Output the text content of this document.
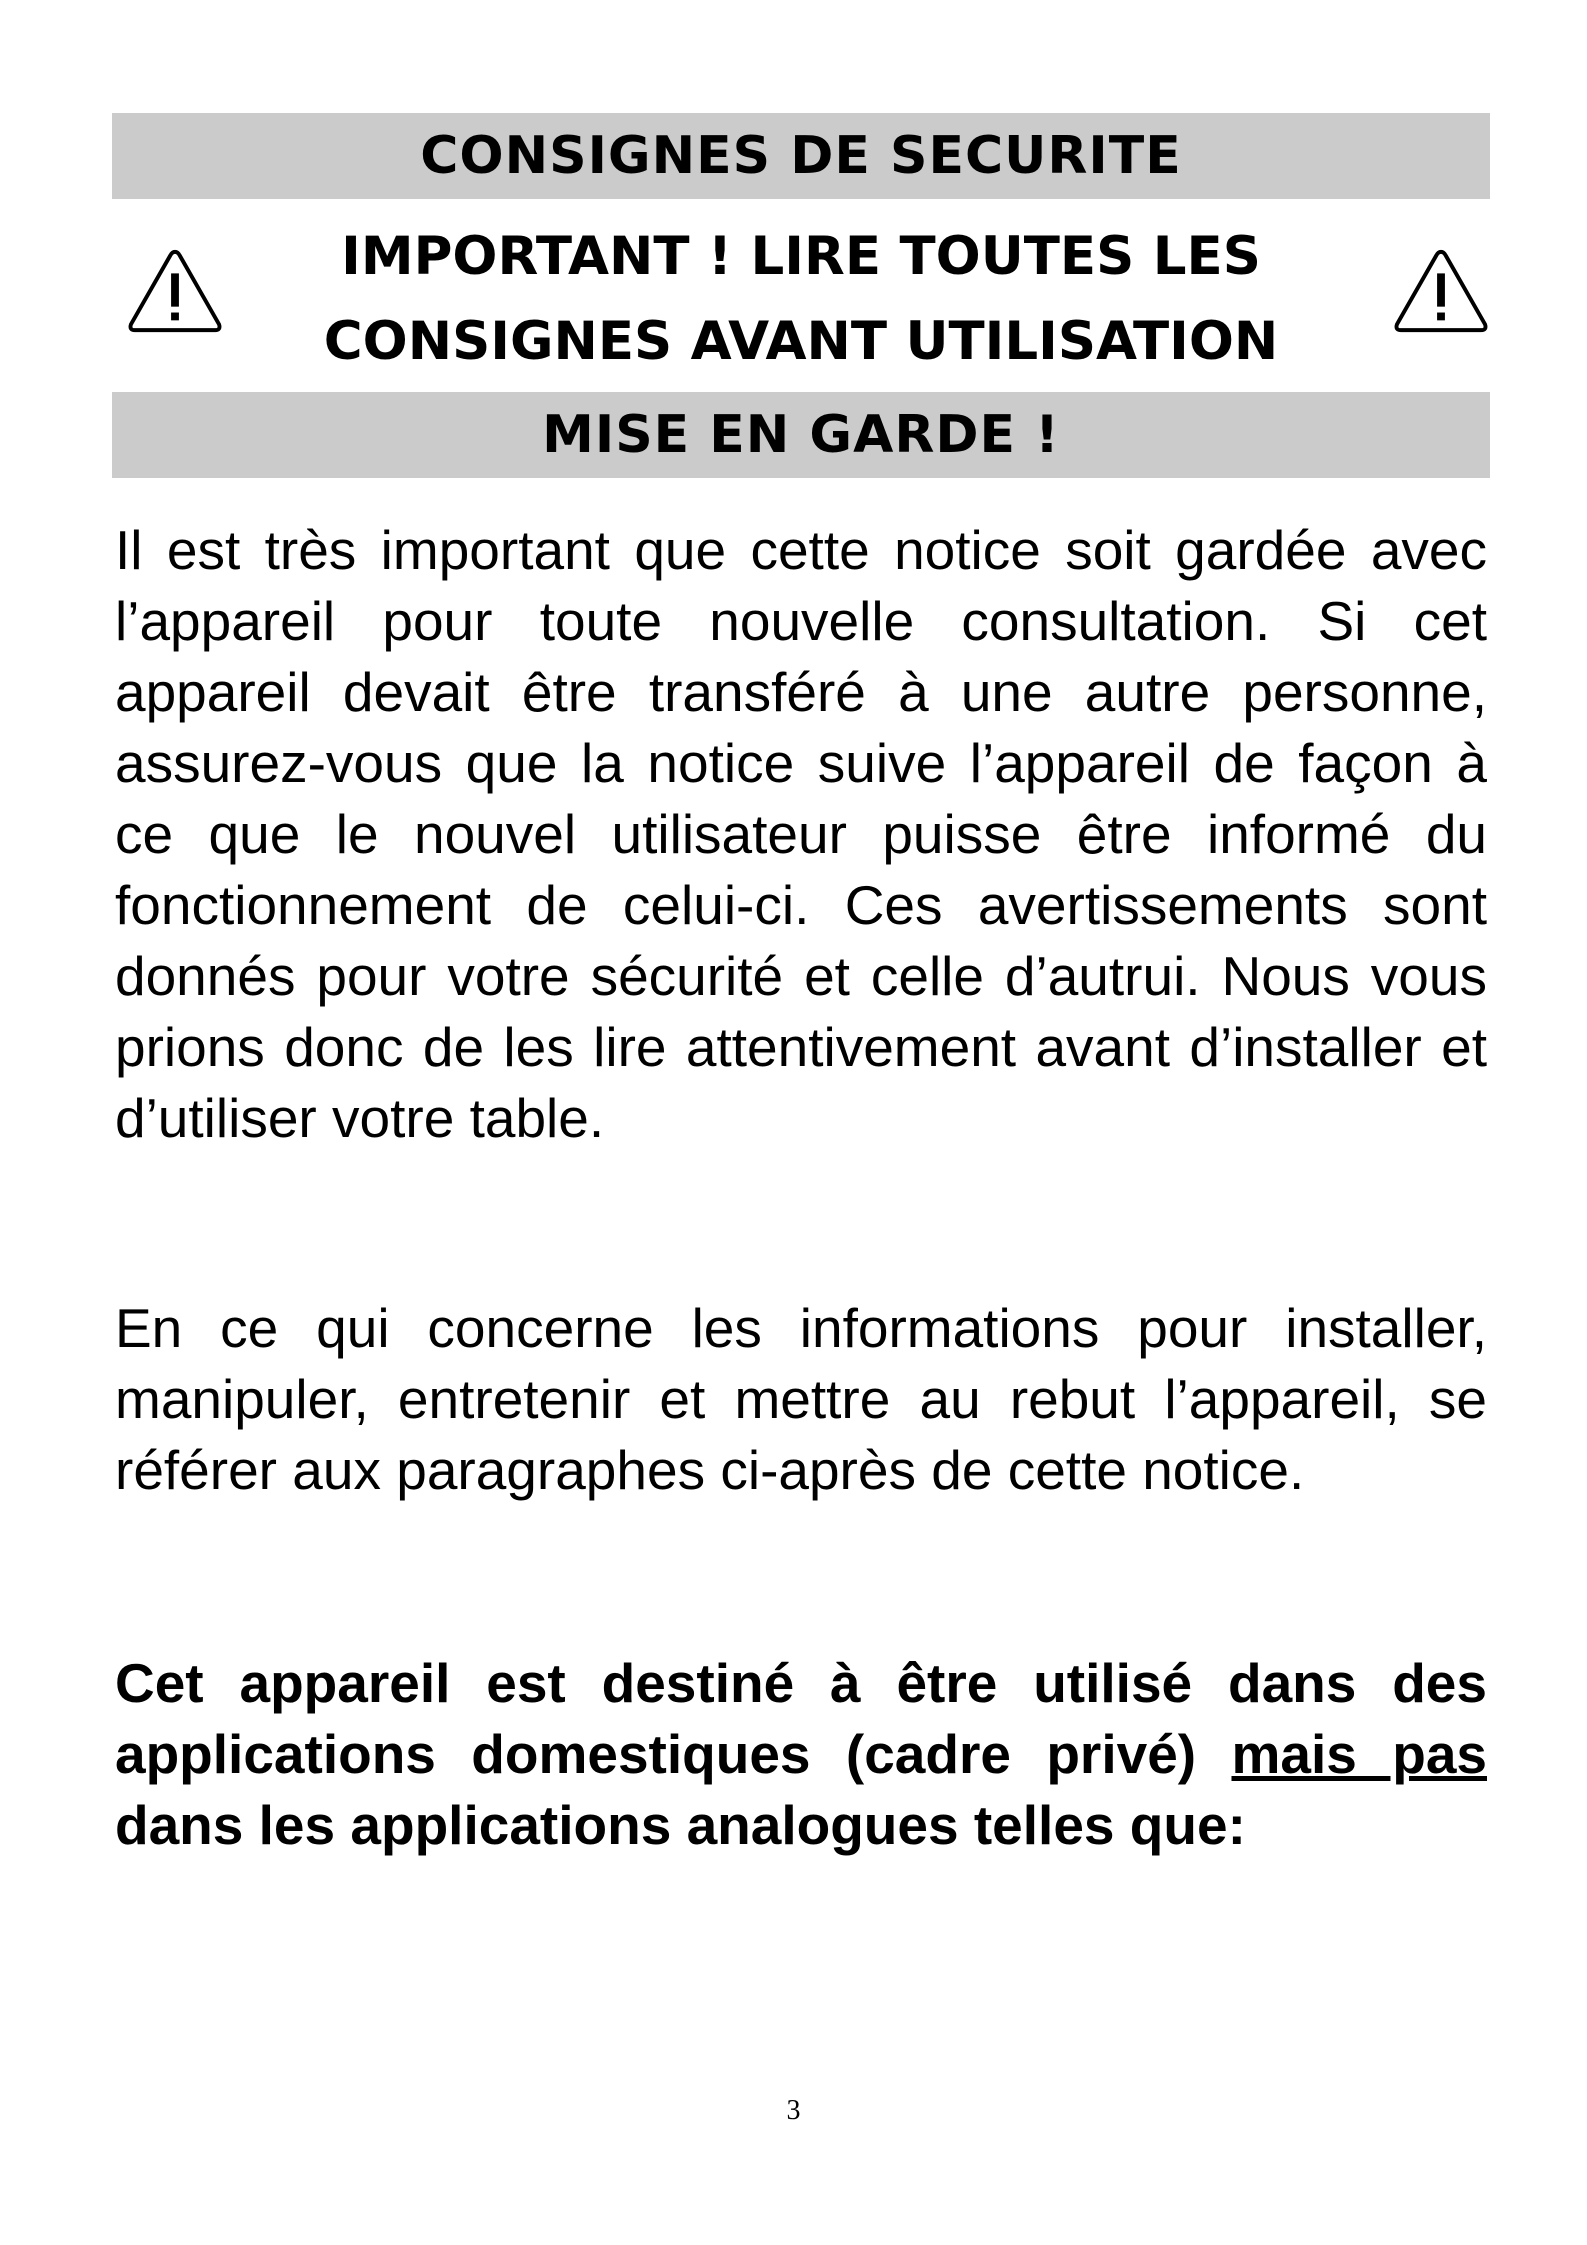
CONSIGNES DE SECURITE
IMPORTANT ! LIRE TOUTES LES
CONSIGNES AVANT UTILISATION
MISE EN GARDE !

Il est très important que cette notice soit gardée avec l’appareil pour toute nouvelle consultation. Si cet appareil devait être transféré à une autre personne, assurez-vous que la notice suive l’appareil de façon à ce que le nouvel utilisateur puisse être informé du fonctionnement de celui-ci. Ces avertissements sont donnés pour votre sécurité et celle d’autrui. Nous vous prions donc de les lire attentivement avant d’installer et d’utiliser votre table.

En ce qui concerne les informations pour installer, manipuler, entretenir et mettre au rebut l’appareil, se référer aux paragraphes ci-après de cette notice.

Cet appareil est destiné à être utilisé dans des applications domestiques (cadre privé) mais pas dans les applications analogues telles que:

3
